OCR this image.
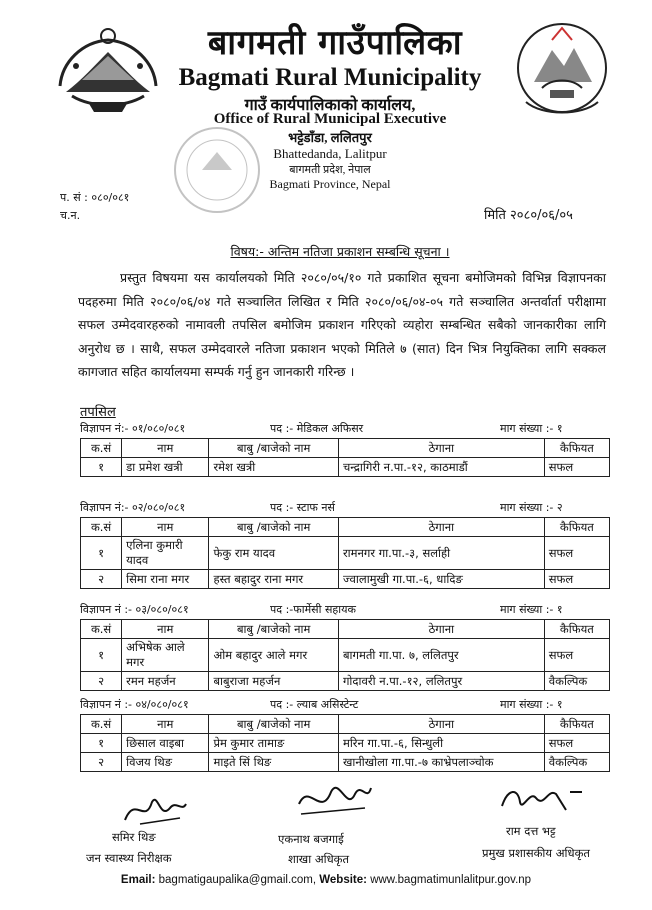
बागमती गाउँपालिका
Bagmati Rural Municipality
गाउँ कार्यपालिकाको कार्यालय,
Office of Rural Municipal Executive
भट्टेडाँडा, ललितपुर
Bhattedanda, Lalitpur
बागमती प्रदेश, नेपाल
Bagmati Province, Nepal
प. सं : ०८०/०८१
च.न.	मिति २०८०/०६/०५
विषय:- अन्तिम नतिजा प्रकाशन सम्बन्धि सूचना ।
प्रस्तुत विषयमा यस कार्यालयको मिति २०८०/०५/१० गते प्रकाशित सूचना बमोजिमको विभिन्न विज्ञापनका पदहरुमा मिति २०८०/०६/०४ गते सञ्चालित लिखित र मिति २०८०/०६/०४-०५ गते सञ्चालित अन्तर्वार्ता परीक्षामा सफल उम्मेदवारहरुको नामावली तपसिल बमोजिम प्रकाशन गरिएको व्यहोरा सम्बन्धित सबैको जानकारीका लागि अनुरोध छ । साथै, सफल उम्मेदवारले नतिजा प्रकाशन भएको मितिले ७ (सात) दिन भित्र नियुक्तिका लागि सक्कल कागजात सहित कार्यालयमा सम्पर्क गर्नु हुन जानकारी गरिन्छ ।
तपसिल
विज्ञापन नं:- ०१/०८०/०८१	पद :- मेडिकल अफिसर	माग संख्या :- १
क.सं	नाम	बाबु /बाजेको नाम	ठेगाना	कैफियत
१	डा प्रमेश खत्री	रमेश खत्री	चन्द्रागिरी न.पा.-१२, काठमाडौं	सफल
विज्ञापन नं:- ०२/०८०/०८१	पद :- स्टाफ नर्स	माग संख्या :- २
क.सं	नाम	बाबु /बाजेको नाम	ठेगाना	कैफियत
१	एलिना कुमारी यादव	फेकु राम यादव	रामनगर गा.पा.-३, सर्लाही	सफल
२	सिमा राना मगर	हस्त बहादुर राना मगर	ज्वालामुखी गा.पा.-६, धादिङ	सफल
विज्ञापन नं :- ०३/०८०/०८१	पद :-फार्मेसी सहायक	माग संख्या :- १
क.सं	नाम	बाबु /बाजेको नाम	ठेगाना	कैफियत
१	अभिषेक आले मगर	ओम बहादुर आले मगर	बागमती गा.पा. ७, ललितपुर	सफल
२	रमन महर्जन	बाबुराजा महर्जन	गोदावरी न.पा.-१२, ललितपुर	वैकल्पिक
विज्ञापन नं :- ०४/०८०/०८१	पद :- ल्याब असिस्टेन्ट	माग संख्या :- १
क.सं	नाम	बाबु /बाजेको नाम	ठेगाना	कैफियत
१	छिसाल वाइबा	प्रेम कुमार तामाङ	मरिन गा.पा.-६, सिन्धुली	सफल
२	विजय थिङ	माइते सिं थिङ	खानीखोला गा.पा.-७ काभ्रेपलाञ्चोक	वैकल्पिक
समिर थिङ
जन स्वास्थ्य निरीक्षक
एकनाथ बजगाई
शाखा अधिकृत
राम दत्त भट्ट
प्रमुख प्रशासकीय अधिकृत
Email: bagmatigaupalika@gmail.com, Website: www.bagmatimunlalitpur.gov.np
